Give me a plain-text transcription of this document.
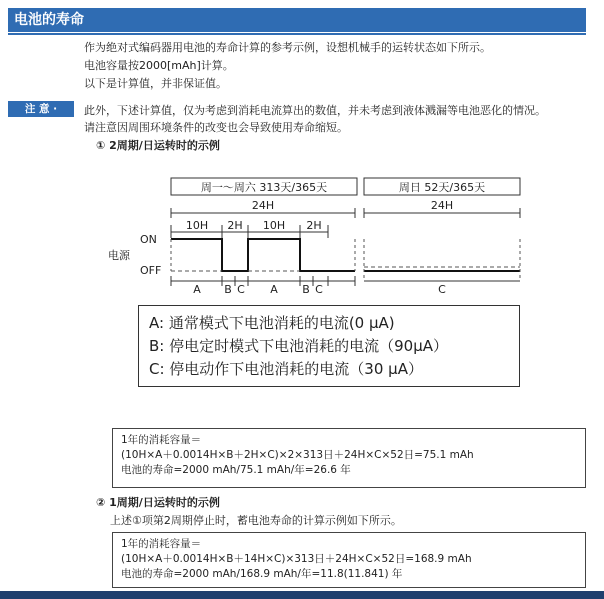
电池的寿命
作为绝对式编码器用电池的寿命计算的参考示例，设想机械手的运转状态如下所示。
电池容量按2000[mAh]计算。
以下是计算值，并非保证值。
注 意 ·	此外，下述计算值，仅为考虑到消耗电流算出的数值，并未考虑到液体溅漏等电池恶化的情况。
请注意因周围环境条件的改变也会导致使用寿命缩短。
① 2周期/日运转时的示例
周一～周六 313天/365天	周日 52天/365天
24H	24H
10H 2H 10H 2H
ON
电源
OFF
A B C A B C	C
A: 通常模式下电池消耗的电流(0 μA)
B: 停电定时模式下电池消耗的电流（90μA）
C: 停电动作下电池消耗的电流（30 μA）
1年的消耗容量＝
(10H×A＋0.0014H×B＋2H×C)×2×313日＋24H×C×52日=75.1 mAh
电池的寿命=2000 mAh/75.1 mAh/年=26.6 年
② 1周期/日运转时的示例
上述①项第2周期停止时，蓄电池寿命的计算示例如下所示。
1年的消耗容量＝
(10H×A＋0.0014H×B＋14H×C)×313日＋24H×C×52日=168.9 mAh
电池的寿命=2000 mAh/168.9 mAh/年=11.8(11.841) 年
